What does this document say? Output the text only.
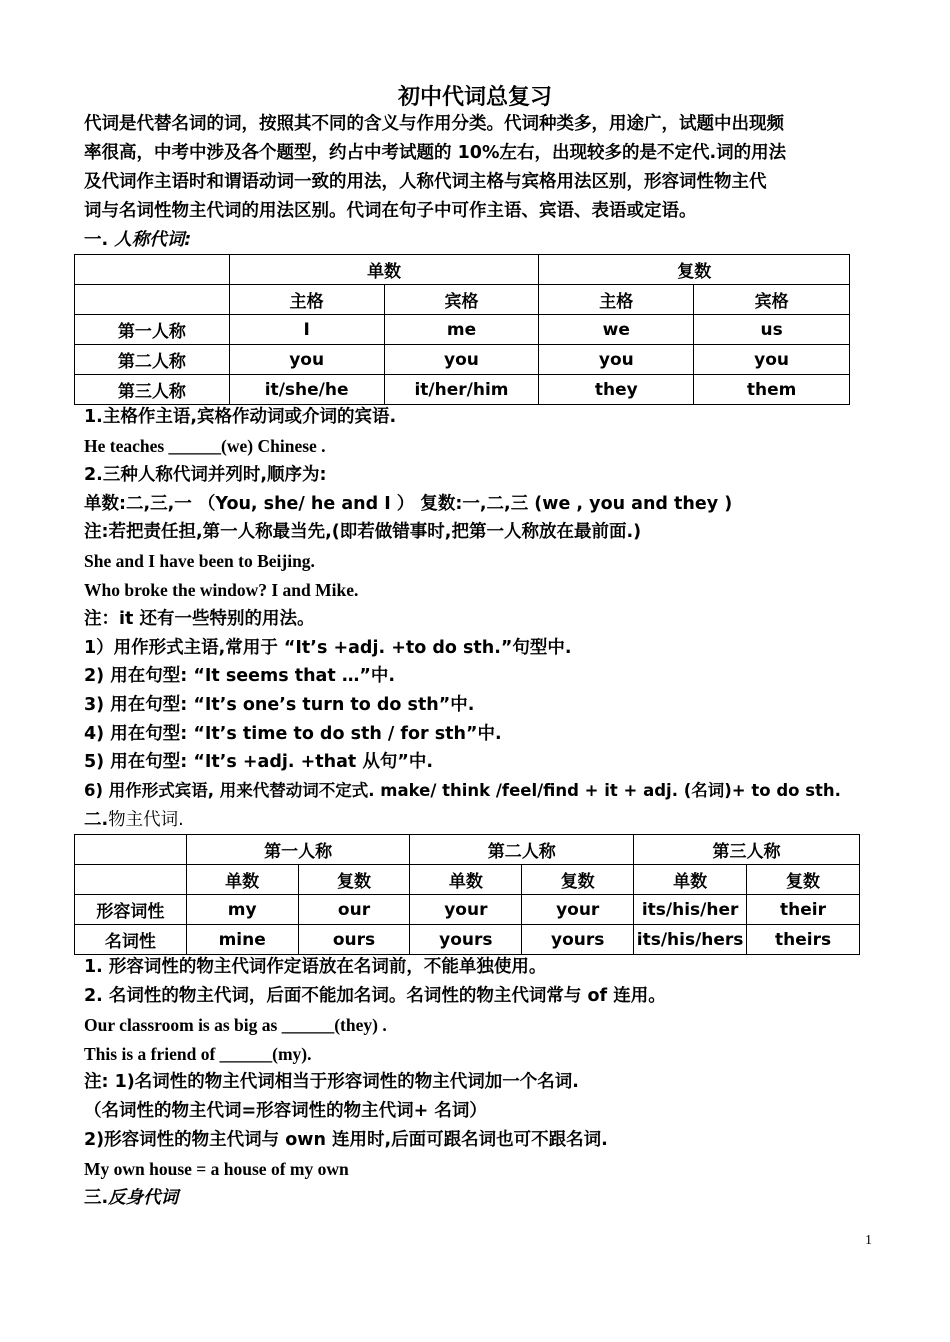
初中代词总复习
代词是代替名词的词，按照其不同的含义与作用分类。代词种类多，用途广，试题中出现频
率很高，中考中涉及各个题型，约占中考试题的 10%左右，出现较多的是不定代.词的用法
及代词作主语时和谓语动词一致的用法，人称代词主格与宾格用法区别，形容词性物主代
词与名词性物主代词的用法区别。代词在句子中可作主语、宾语、表语或定语。
一. 人称代词:
	单数		复数	
	主格	宾格	主格	宾格
第一人称	I	me	we	us
第二人称	you	you	you	you
第三人称	it/she/he	it/her/him	they	them
1.主格作主语,宾格作动词或介词的宾语.
He teaches ______(we) Chinese .
2.三种人称代词并列时,顺序为:
单数:二,三,一 （You, she/ he and I ） 复数:一,二,三 (we , you and they )
注:若把责任担,第一人称最当先,(即若做错事时,把第一人称放在最前面.)
She and I have been to Beijing.
Who broke the window? I and Mike.
注：it 还有一些特别的用法。
1）用作形式主语,常用于 “It’s +adj. +to do sth.”句型中.
2) 用在句型: “It seems that …”中.
3) 用在句型: “It’s one’s turn to do sth”中.
4) 用在句型: “It’s time to do sth / for sth”中.
5) 用在句型: “It’s +adj. +that 从句”中.
6) 用作形式宾语, 用来代替动词不定式. make/ think /feel/find + it + adj. (名词)+ to do sth.
二.物主代词.
	第一人称		第二人称		第三人称	
	单数	复数	单数	复数	单数	复数
形容词性	my	our	your	your	its/his/her	their
名词性	mine	ours	yours	yours	its/his/hers	theirs
1. 形容词性的物主代词作定语放在名词前，不能单独使用。
2. 名词性的物主代词，后面不能加名词。名词性的物主代词常与 of 连用。
Our classroom is as big as ______(they) .
This is a friend of ______(my).
注: 1)名词性的物主代词相当于形容词性的物主代词加一个名词.
（名词性的物主代词=形容词性的物主代词+ 名词）
2)形容词性的物主代词与 own 连用时,后面可跟名词也可不跟名词.
My own house = a house of my own
三.反身代词
1
